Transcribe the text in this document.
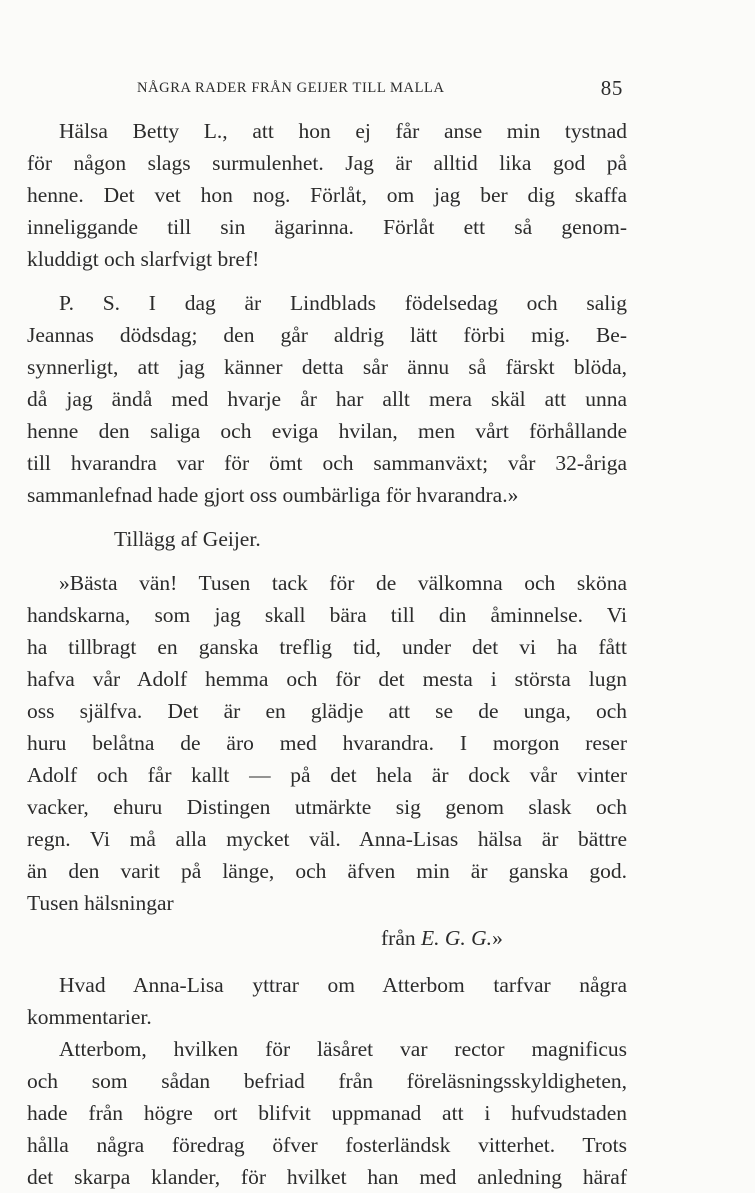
NÅGRA RADER FRÅN GEIJER TILL MALLA	85
Hälsa Betty L., att hon ej får anse min tystnad
för någon slags surmulenhet. Jag är alltid lika god på
henne. Det vet hon nog. Förlåt, om jag ber dig skaffa
inneliggande till sin ägarinna. Förlåt ett så genom-
kluddigt och slarfvigt bref!
P. S. I dag är Lindblads födelsedag och salig
Jeannas dödsdag; den går aldrig lätt förbi mig. Be-
synnerligt, att jag känner detta sår ännu så färskt blöda,
då jag ändå med hvarje år har allt mera skäl att unna
henne den saliga och eviga hvilan, men vårt förhållande
till hvarandra var för ömt och sammanväxt; vår 32-åriga
sammanlefnad hade gjort oss oumbärliga för hvarandra.»
Tillägg af Geijer.
»Bästa vän! Tusen tack för de välkomna och sköna
handskarna, som jag skall bära till din åminnelse. Vi
ha tillbragt en ganska treflig tid, under det vi ha fått
hafva vår Adolf hemma och för det mesta i största lugn
oss själfva. Det är en glädje att se de unga, och
huru belåtna de äro med hvarandra. I morgon reser
Adolf och får kallt — på det hela är dock vår vinter
vacker, ehuru Distingen utmärkte sig genom slask och
regn. Vi må alla mycket väl. Anna-Lisas hälsa är bättre
än den varit på länge, och äfven min är ganska god.
Tusen hälsningar
från E. G. G.»
Hvad Anna-Lisa yttrar om Atterbom tarfvar några
kommentarier.
Atterbom, hvilken för läsåret var rector magnificus
och som sådan befriad från föreläsningsskyldigheten,
hade från högre ort blifvit uppmanad att i hufvudstaden
hålla några föredrag öfver fosterländsk vitterhet. Trots
det skarpa klander, för hvilket han med anledning häraf
